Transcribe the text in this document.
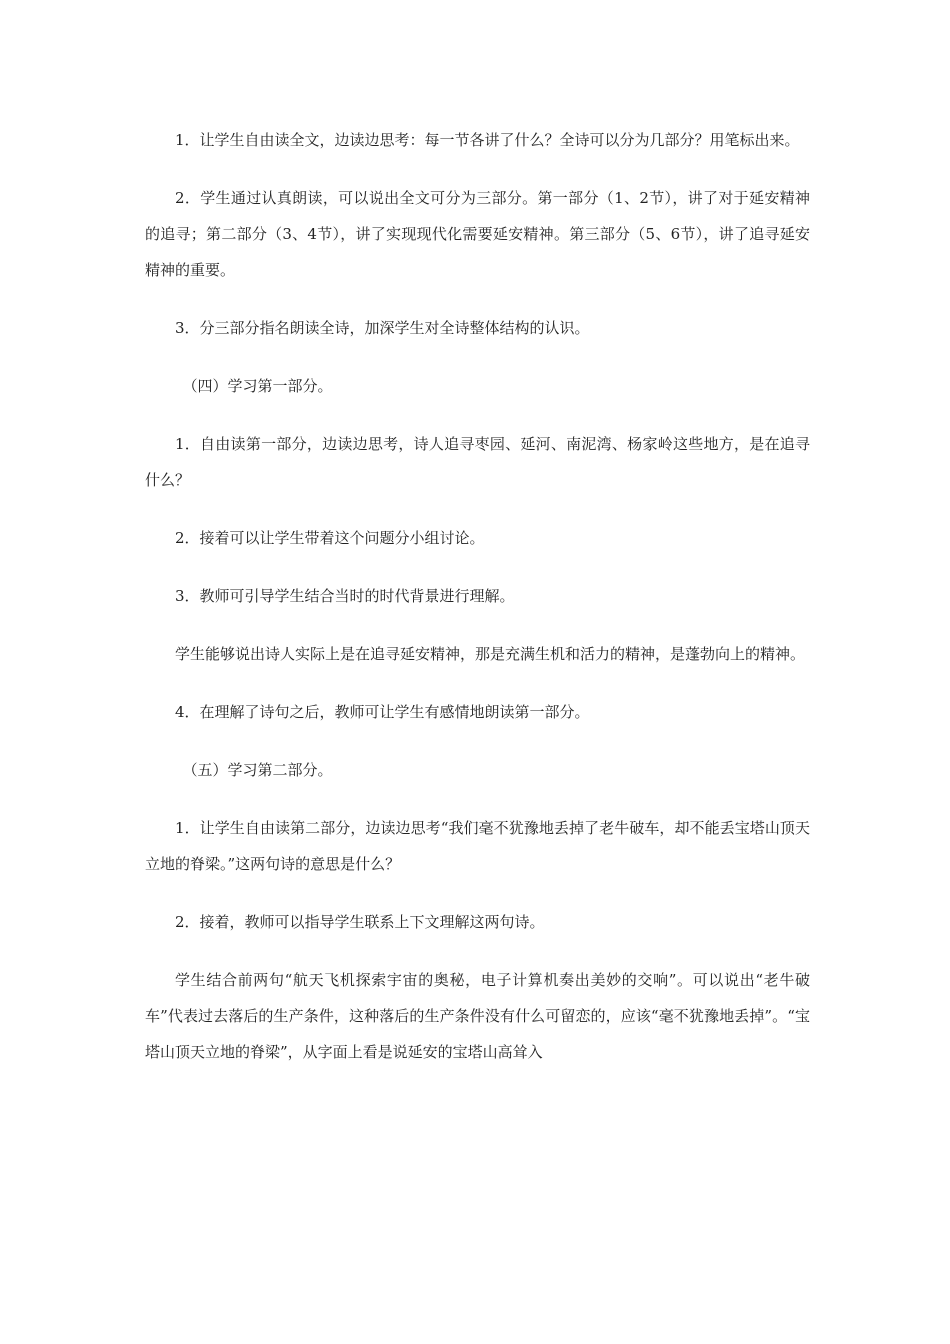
1．让学生自由读全文，边读边思考：每一节各讲了什么？全诗可以分为几部分？用笔标出来。

2．学生通过认真朗读，可以说出全文可分为三部分。第一部分（1、2节），讲了对于延安精神的追寻；第二部分（3、4节），讲了实现现代化需要延安精神。第三部分（5、6节），讲了追寻延安精神的重要。

3．分三部分指名朗读全诗，加深学生对全诗整体结构的认识。

（四）学习第一部分。

1．自由读第一部分，边读边思考，诗人追寻枣园、延河、南泥湾、杨家岭这些地方，是在追寻什么？

2．接着可以让学生带着这个问题分小组讨论。

3．教师可引导学生结合当时的时代背景进行理解。

学生能够说出诗人实际上是在追寻延安精神，那是充满生机和活力的精神，是蓬勃向上的精神。

4．在理解了诗句之后，教师可让学生有感情地朗读第一部分。

（五）学习第二部分。

1．让学生自由读第二部分，边读边思考“我们毫不犹豫地丢掉了老牛破车，却不能丢宝塔山顶天立地的脊梁。”这两句诗的意思是什么？

2．接着，教师可以指导学生联系上下文理解这两句诗。

学生结合前两句“航天飞机探索宇宙的奥秘，电子计算机奏出美妙的交响”。可以说出“老牛破车”代表过去落后的生产条件，这种落后的生产条件没有什么可留恋的，应该“毫不犹豫地丢掉”。“宝塔山顶天立地的脊梁”，从字面上看是说延安的宝塔山高耸入
